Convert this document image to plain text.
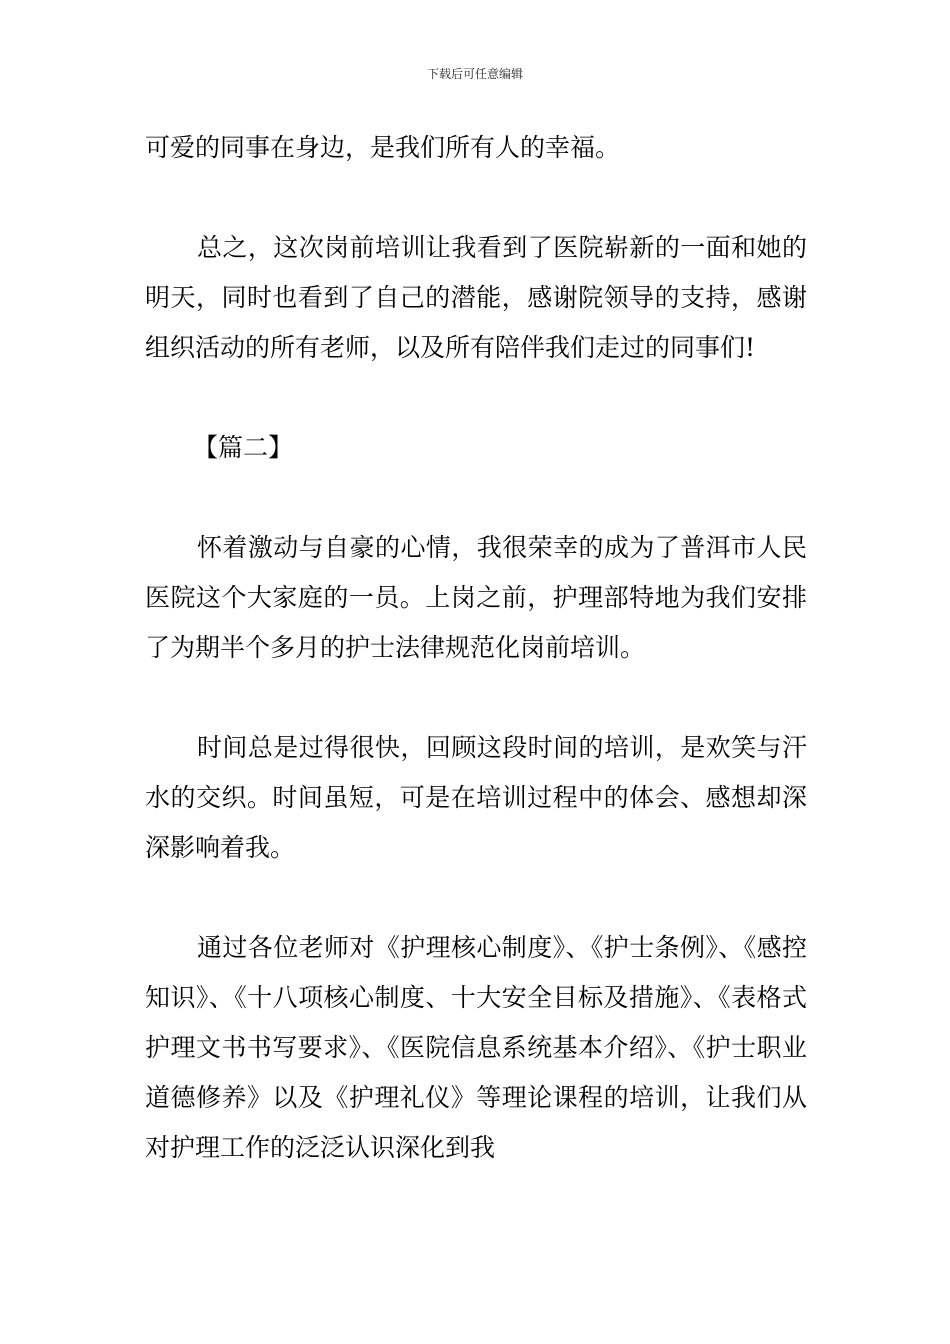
下载后可任意编辑

可爱的同事在身边，是我们所有人的幸福。

总之，这次岗前培训让我看到了医院崭新的一面和她的明天，同时也看到了自己的潜能，感谢院领导的支持，感谢组织活动的所有老师，以及所有陪伴我们走过的同事们!

【篇二】

怀着激动与自豪的心情，我很荣幸的成为了普洱市人民医院这个大家庭的一员。上岗之前，护理部特地为我们安排了为期半个多月的护士法律规范化岗前培训。

时间总是过得很快，回顾这段时间的培训，是欢笑与汗水的交织。时间虽短，可是在培训过程中的体会、感想却深深影响着我。

通过各位老师对《护理核心制度》、《护士条例》、《感控知识》、《十八项核心制度、十大安全目标及措施》、《表格式护理文书书写要求》、《医院信息系统基本介绍》、《护士职业道德修养》以及《护理礼仪》等理论课程的培训，让我们从对护理工作的泛泛认识深化到我
